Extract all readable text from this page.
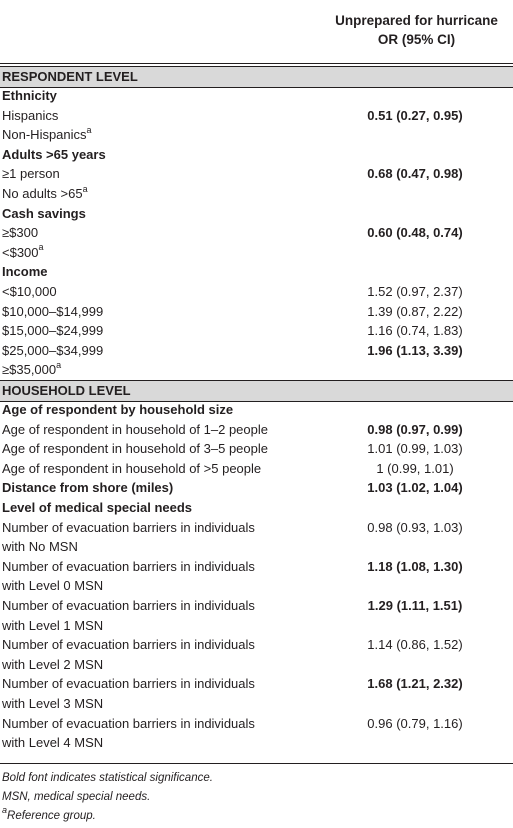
Unprepared for hurricane
OR (95% CI)
RESPONDENT LEVEL
Ethnicity
Hispanics	0.51 (0.27, 0.95)
Non-Hispanics$^a$
Adults >65 years
≥1 person	0.68 (0.47, 0.98)
No adults $>65^a$
Cash savings
≥$300	0.60 (0.48, 0.74)
$<\$300^a$
Income
<$10,000	1.52 (0.97, 2.37)
$10,000–$14,999	1.39 (0.87, 2.22)
$15,000–$24,999	1.16 (0.74, 1.83)
$25,000–$34,999	1.96 (1.13, 3.39)
≥$35,000$^a$
HOUSEHOLD LEVEL
Age of respondent by household size
Age of respondent in household of 1–2 people	0.98 (0.97, 0.99)
Age of respondent in household of 3–5 people	1.01 (0.99, 1.03)
Age of respondent in household of >5 people	1 (0.99, 1.01)
Distance from shore (miles)	1.03 (1.02, 1.04)
Level of medical special needs
Number of evacuation barriers in individuals	0.98 (0.93, 1.03)
with No MSN
Number of evacuation barriers in individuals	1.18 (1.08, 1.30)
with Level 0 MSN
Number of evacuation barriers in individuals	1.29 (1.11, 1.51)
with Level 1 MSN
Number of evacuation barriers in individuals	1.14 (0.86, 1.52)
with Level 2 MSN
Number of evacuation barriers in individuals	1.68 (1.21, 2.32)
with Level 3 MSN
Number of evacuation barriers in individuals	0.96 (0.79, 1.16)
with Level 4 MSN
Bold font indicates statistical significance.
MSN, medical special needs.
$^a$Reference group.
